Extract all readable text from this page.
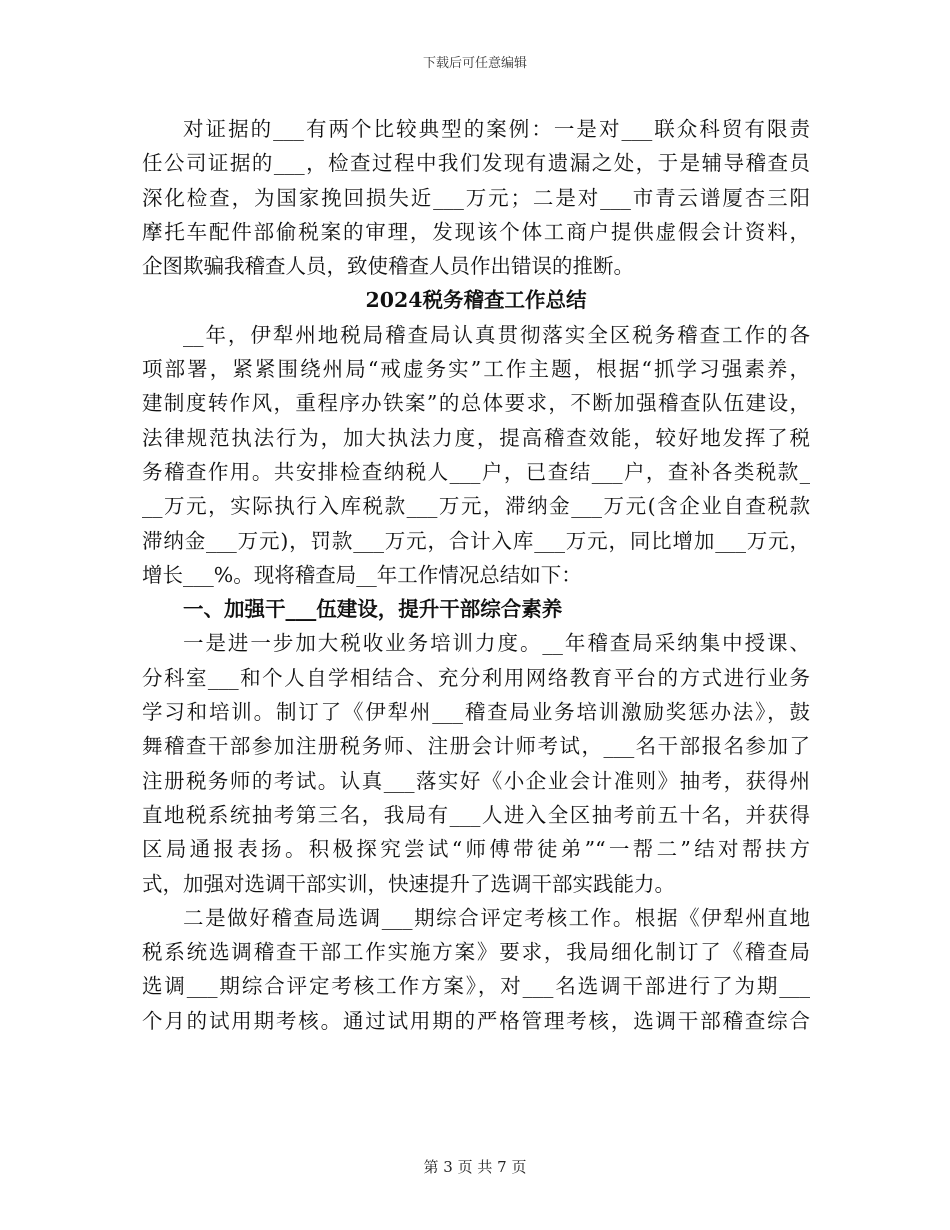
下载后可任意编辑
对证据的___有两个比较典型的案例：一是对___联众科贸有限责
任公司证据的___，检查过程中我们发现有遗漏之处，于是辅导稽查员
深化检查，为国家挽回损失近___万元；二是对___市青云谱厦杏三阳
摩托车配件部偷税案的审理，发现该个体工商户提供虚假会计资料，
企图欺骗我稽查人员，致使稽查人员作出错误的推断。
2024税务稽查工作总结
__年，伊犁州地税局稽查局认真贯彻落实全区税务稽查工作的各
项部署，紧紧围绕州局“戒虚务实”工作主题，根据“抓学习强素养，
建制度转作风，重程序办铁案”的总体要求，不断加强稽查队伍建设，
法律规范执法行为，加大执法力度，提高稽查效能，较好地发挥了税
务稽查作用。共安排检查纳税人___户，已查结___户，查补各类税款_
__万元，实际执行入库税款___万元，滞纳金___万元(含企业自查税款
滞纳金___万元)，罚款___万元，合计入库___万元，同比增加___万元，
增长___%。现将稽查局__年工作情况总结如下：
一、加强干___伍建设，提升干部综合素养
一是进一步加大税收业务培训力度。__年稽查局采纳集中授课、
分科室___和个人自学相结合、充分利用网络教育平台的方式进行业务
学习和培训。制订了《伊犁州___稽查局业务培训激励奖惩办法》，鼓
舞稽查干部参加注册税务师、注册会计师考试，___名干部报名参加了
注册税务师的考试。认真___落实好《小企业会计准则》抽考，获得州
直地税系统抽考第三名，我局有___人进入全区抽考前五十名，并获得
区局通报表扬。积极探究尝试“师傅带徒弟”“一帮二”结对帮扶方
式，加强对选调干部实训，快速提升了选调干部实践能力。
二是做好稽查局选调___期综合评定考核工作。根据《伊犁州直地
税系统选调稽查干部工作实施方案》要求，我局细化制订了《稽查局
选调___期综合评定考核工作方案》，对___名选调干部进行了为期___
个月的试用期考核。通过试用期的严格管理考核，选调干部稽查综合
第 3 页 共 7 页
